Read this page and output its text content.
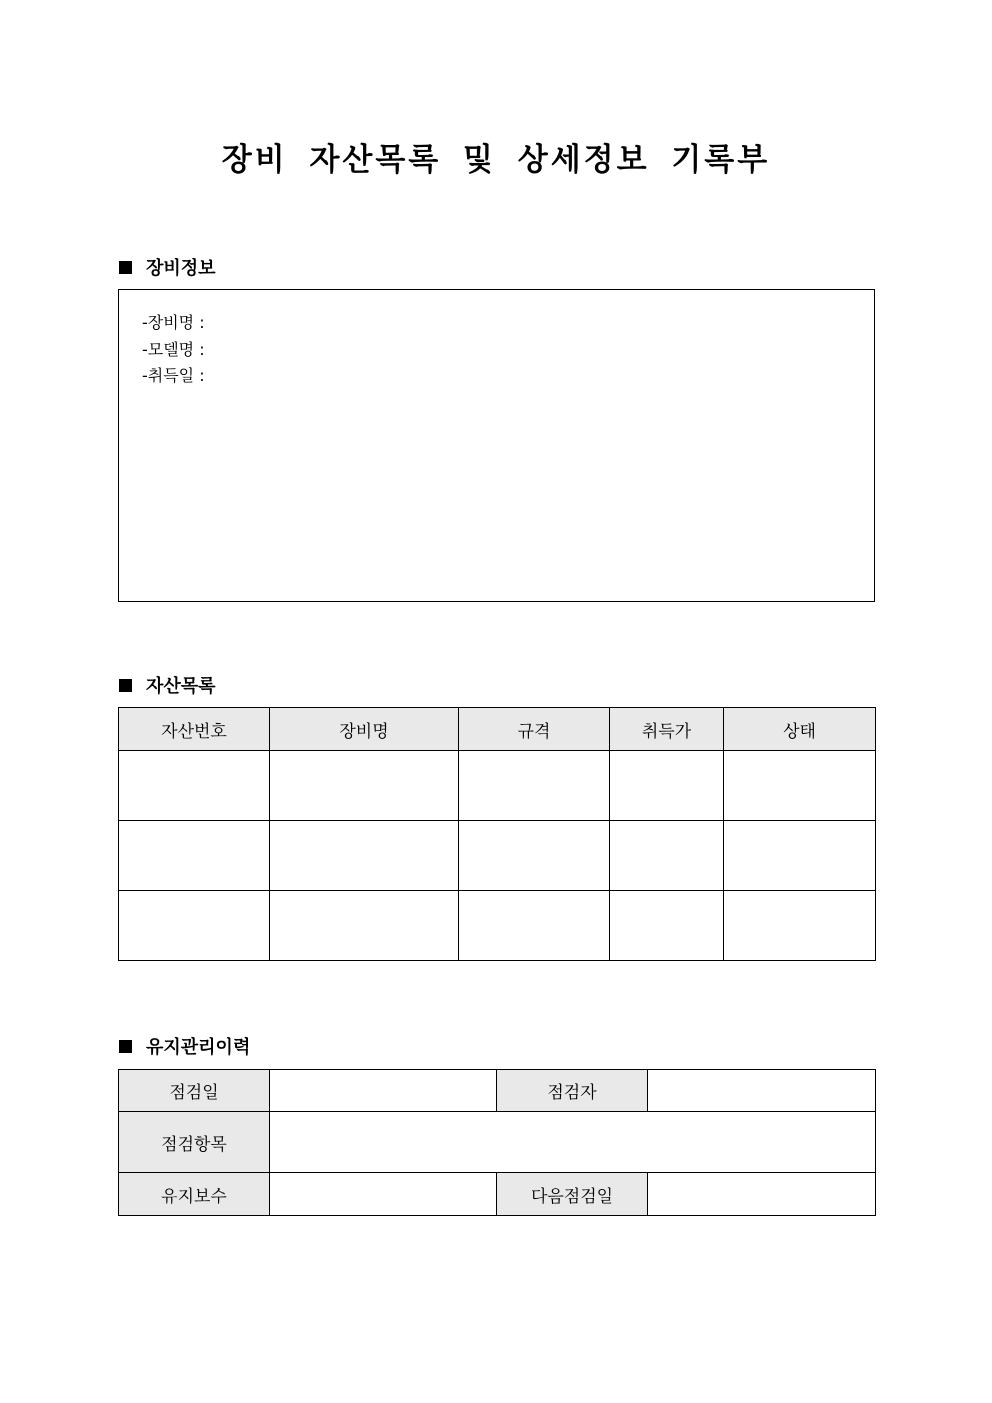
장비 자산목록 및 상세정보 기록부
장비정보
-장비명 :
-모델명 :
-취득일 :
자산목록
자산번호	장비명	규격	취득가	상태

유지관리이력
점검일		점검자	
점검항목			
유지보수		다음점검일	
